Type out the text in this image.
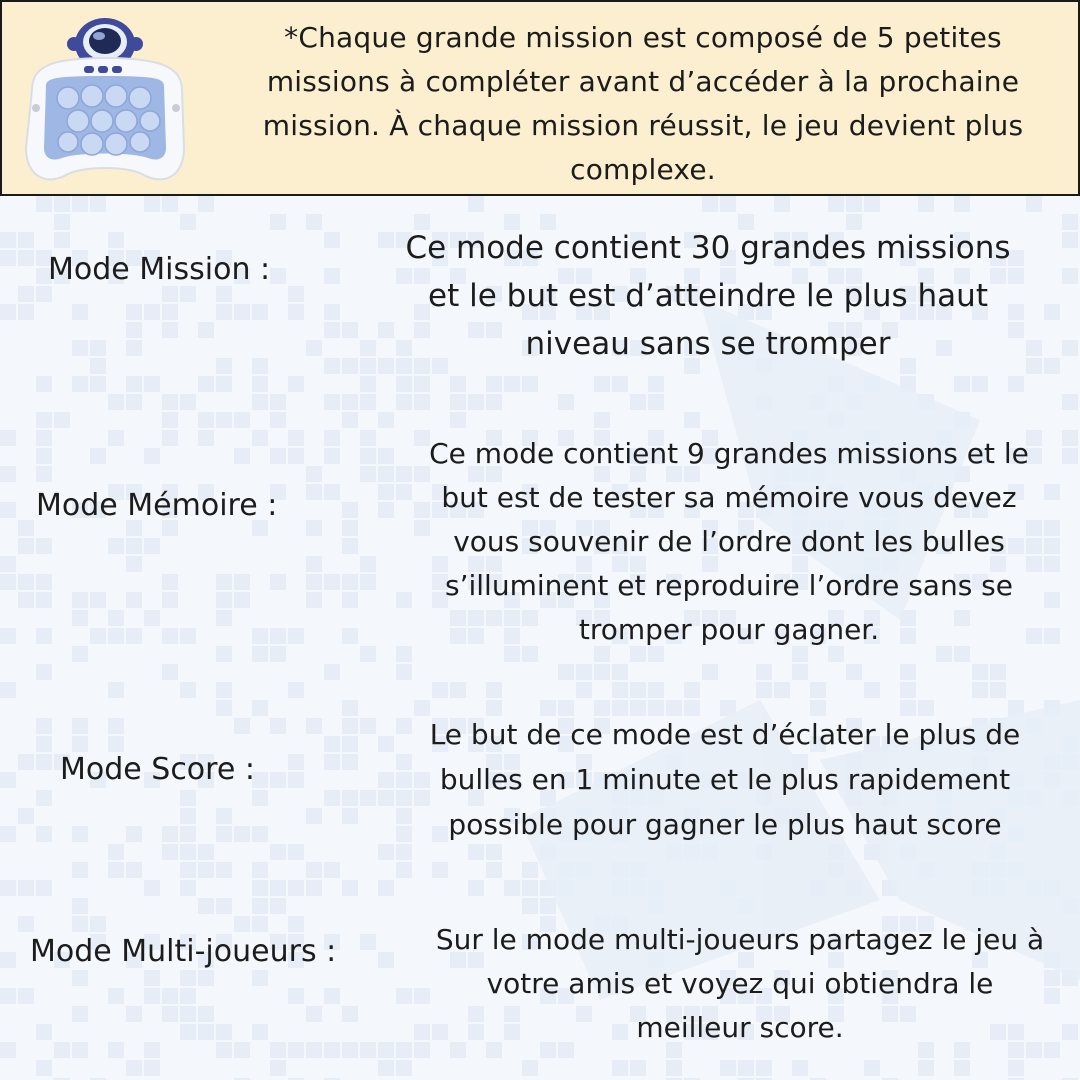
*Chaque grande mission est composé de 5 petites missions à compléter avant d’accéder à la prochaine mission. À chaque mission réussit, le jeu devient plus complexe.
Mode Mission :
Ce mode contient 30 grandes missions et le but est d’atteindre le plus haut niveau sans se tromper
Mode Mémoire :
Ce mode contient 9 grandes missions et le but est de tester sa mémoire vous devez vous souvenir de l’ordre dont les bulles s’illuminent et reproduire l’ordre sans se tromper pour gagner.
Mode Score :
Le but de ce mode est d’éclater le plus de bulles en 1 minute et le plus rapidement possible pour gagner le plus haut score
Mode Multi-joueurs :	Sur le mode multi-joueurs partagez le jeu à votre amis et voyez qui obtiendra le meilleur score.
